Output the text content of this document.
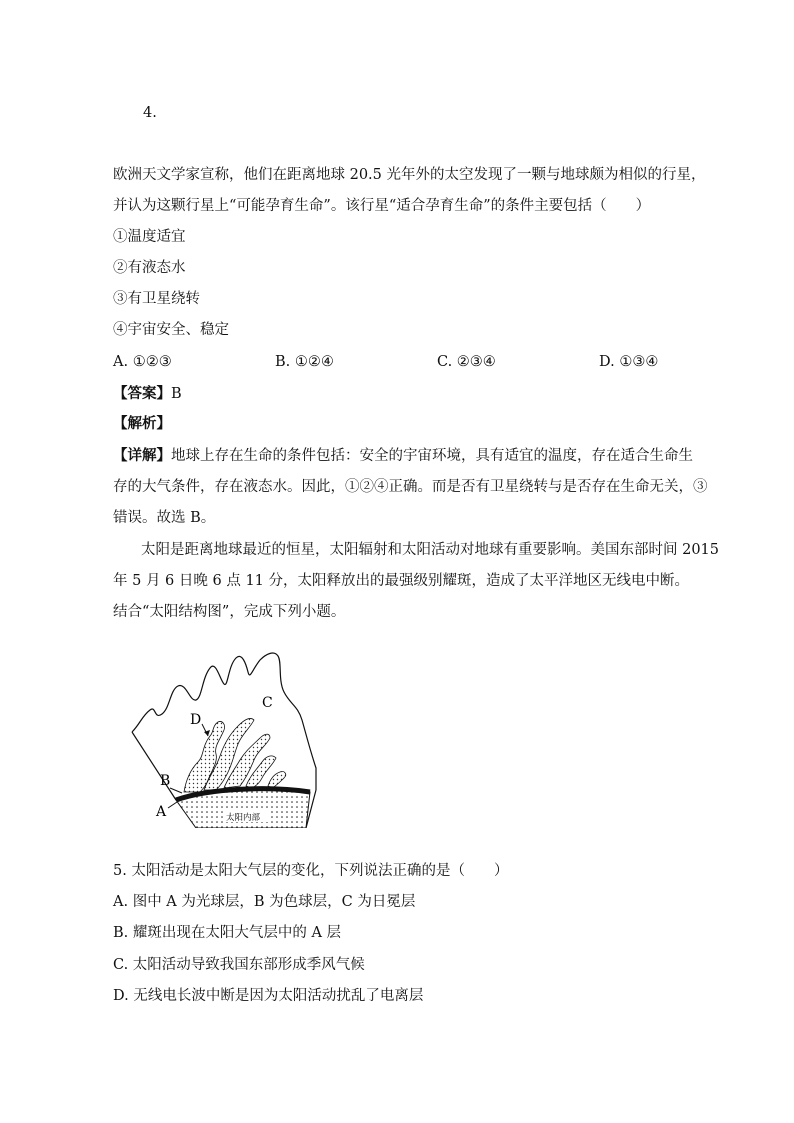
4.
欧洲天文学家宣称，他们在距离地球 20.5 光年外的太空发现了一颗与地球颇为相似的行星，
并认为这颗行星上“可能孕育生命”。该行星“适合孕育生命”的条件主要包括（　　）
①温度适宜
②有液态水
③有卫星绕转
④宇宙安全、稳定
A. ①②③	B. ①②④	C. ②③④	D. ①③④
【答案】B
【解析】
【详解】地球上存在生命的条件包括：安全的宇宙环境，具有适宜的温度，存在适合生命生
存的大气条件，存在液态水。因此，①②④正确。而是否有卫星绕转与是否存在生命无关，③
错误。故选 B。
太阳是距离地球最近的恒星，太阳辐射和太阳活动对地球有重要影响。美国东部时间 2015
年 5 月 6 日晚 6 点 11 分，太阳释放出的最强级别耀斑，造成了太平洋地区无线电中断。
结合“太阳结构图”，完成下列小题。
C
D
B
A	太阳内部
5. 太阳活动是太阳大气层的变化，下列说法正确的是（　　）
A. 图中 A 为光球层，B 为色球层，C 为日冕层
B. 耀斑出现在太阳大气层中的 A 层
C. 太阳活动导致我国东部形成季风气候
D. 无线电长波中断是因为太阳活动扰乱了电离层
